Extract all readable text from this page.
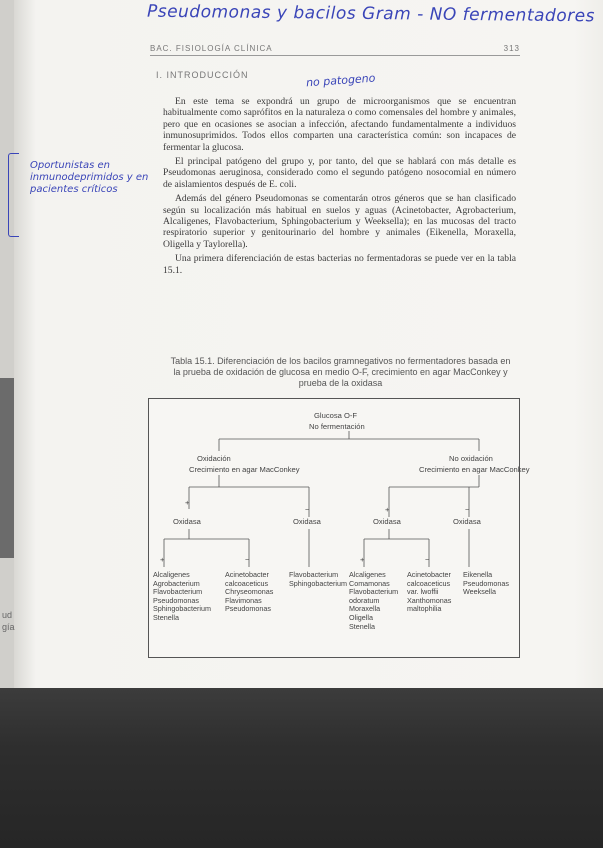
ud
gía
Pseudomonas y bacilos Gram - NO fermentadores
BAC. FISIOLOGÍA CLÍNICA	313
I. INTRODUCCIÓN	no patogeno
Oportunistas en inmunodeprimidos y en pacientes críticos

En este tema se expondrá un grupo de microorganismos que se encuentran habitualmente como saprófitos en la naturaleza o como comensales del hombre y animales, pero que en ocasiones se asocian a infección, afectando fundamentalmente a individuos inmunosuprimidos. Todos ellos comparten una característica común: son incapaces de fermentar la glucosa.

El principal patógeno del grupo y, por tanto, del que se hablará con más detalle es Pseudomonas aeruginosa, considerado como el segundo patógeno nosocomial en número de aislamientos después de E. coli.

Además del género Pseudomonas se comentarán otros géneros que se han clasificado según su localización más habitual en suelos y aguas (Acinetobacter, Agrobacterium, Alcaligenes, Flavobacterium, Sphingobacterium y Weeksella); en las mucosas del tracto respiratorio superior y genitourinario del hombre y animales (Eikenella, Moraxella, Oligella y Taylorella).

Una primera diferenciación de estas bacterias no fermentadoras se puede ver en la tabla 15.1.

Tabla 15.1. Diferenciación de los bacilos gramnegativos no fermentadores basada en la prueba de oxidación de glucosa en medio O-F, crecimiento en agar MacConkey y prueba de la oxidasa
Glucosa O-F
No fermentación
Oxidación
Crecimiento en agar MacConkey
No oxidación
Crecimiento en agar MacConkey
+
−	+	−
Oxidasa	Oxidasa	Oxidasa	Oxidasa
+	−	+	−
Alcaligenes
Agrobacterium
Flavobacterium
Pseudomonas
Sphingobacterium
Stenella
Acinetobacter
calcoaceticus
Chryseomonas
Flavimonas
Pseudomonas
Flavobacterium
Sphingobacterium
Alcaligenes
Comamonas
Flavobacterium
odoratum
Moraxella
Oligella
Stenella
Acinetobacter
calcoaceticus
var. lwoffii
Xanthomonas
maltophilia
Eikenella
Pseudomonas
Weeksella
